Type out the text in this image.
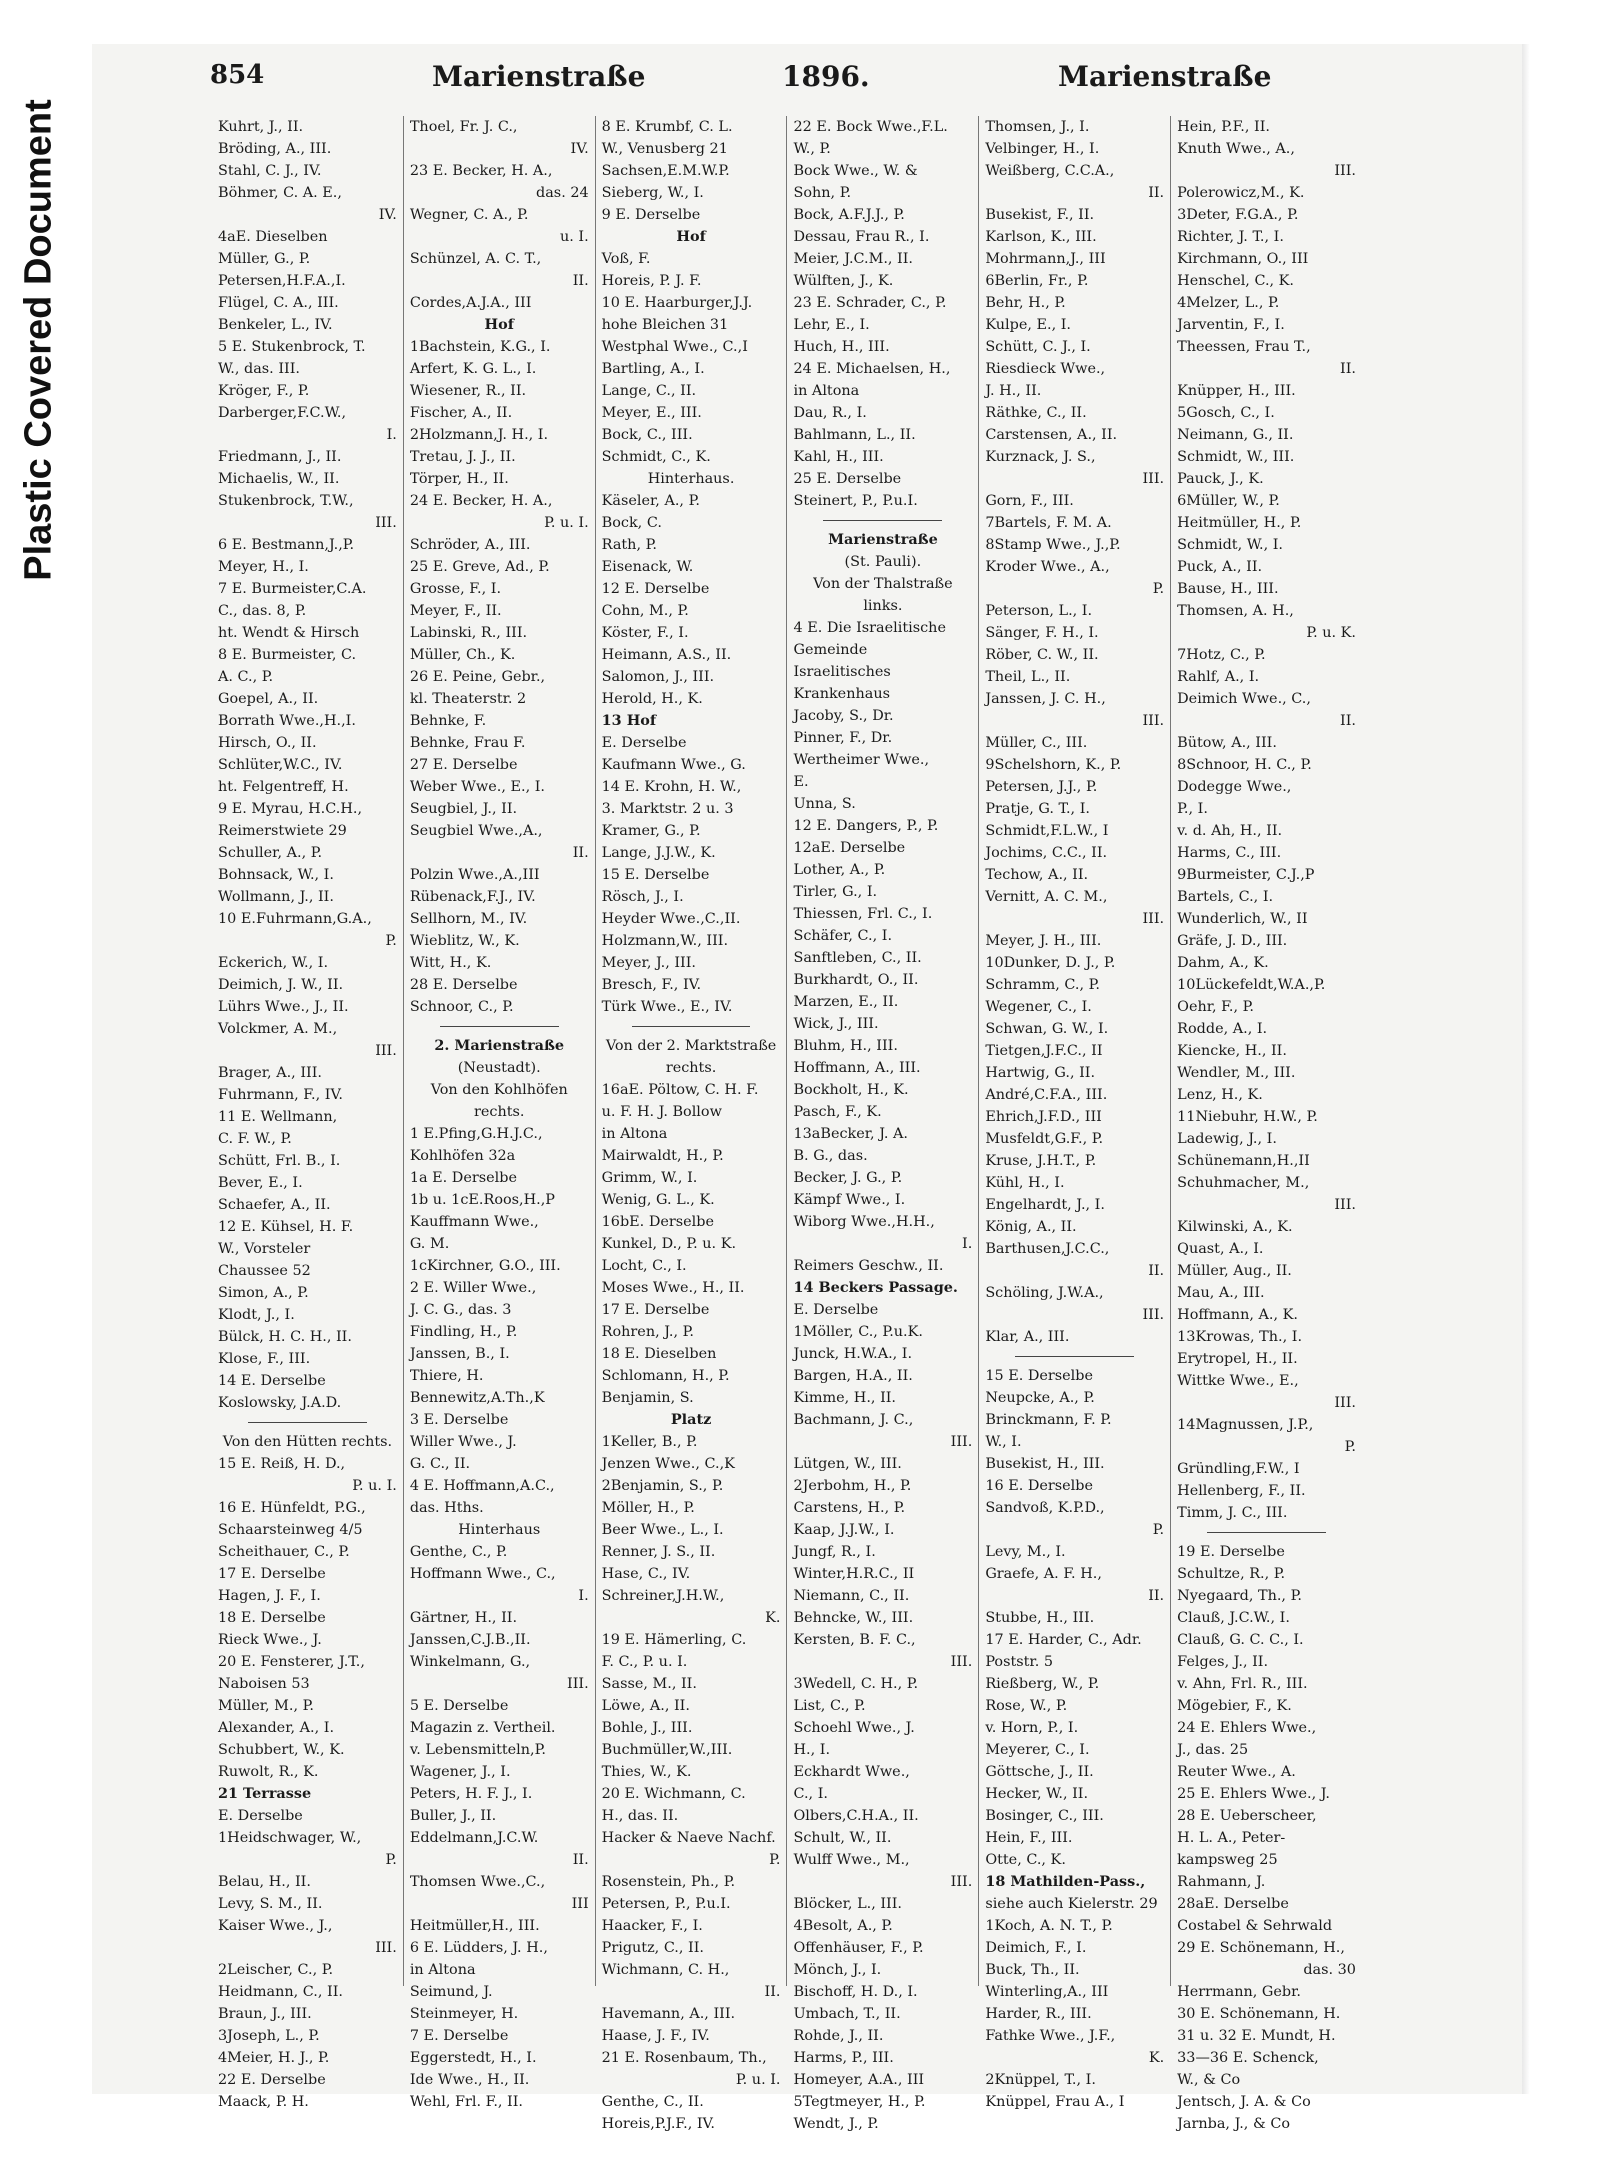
Plastic Covered Document
854	Marienstraße	1896.	Marienstraße
Kuhrt, J., II.
Bröding, A., III.
Stahl, C. J., IV.
Böhmer, C. A. E.,
IV.
4aE. Dieselben
Müller, G., P.
Petersen,H.F.A.,I.
Flügel, C. A., III.
Benkeler, L., IV.
5 E. Stukenbrock, T.
W., das. III.
Kröger, F., P.
Darberger,F.C.W.,
I.
Friedmann, J., II.
Michaelis, W., II.
Stukenbrock, T.W.,
III.
6 E. Bestmann,J.,P.
Meyer, H., I.
7 E. Burmeister,C.A.
C., das. 8, P.
ht. Wendt & Hirsch
8 E. Burmeister, C.
A. C., P.
Goepel, A., II.
Borrath Wwe.,H.,I.
Hirsch, O., II.
Schlüter,W.C., IV.
ht. Felgentreff, H.
9 E. Myrau, H.C.H.,
Reimerstwiete 29
Schuller, A., P.
Bohnsack, W., I.
Wollmann, J., II.
10 E.Fuhrmann,G.A.,
P.
Eckerich, W., I.
Deimich, J. W., II.
Lührs Wwe., J., II.
Volckmer, A. M.,
III.
Brager, A., III.
Fuhrmann, F., IV.
11 E. Wellmann,
C. F. W., P.
Schütt, Frl. B., I.
Bever, E., I.
Schaefer, A., II.
12 E. Kühsel, H. F.
W., Vorsteler
Chaussee 52
Simon, A., P.
Klodt, J., I.
Bülck, H. C. H., II.
Klose, F., III.
14 E. Derselbe
Koslowsky, J.A.D.
Von den Hütten rechts.
15 E. Reiß, H. D.,
P. u. I.
16 E. Hünfeldt, P.G.,
Schaarsteinweg 4/5
Scheithauer, C., P.
17 E. Derselbe
Hagen, J. F., I.
18 E. Derselbe
Rieck Wwe., J.
20 E. Fensterer, J.T.,
Naboisen 53
Müller, M., P.
Alexander, A., I.
Schubbert, W., K.
Ruwolt, R., K.
21 Terrasse
E. Derselbe
1Heidschwager, W.,
P.
Belau, H., II.
Levy, S. M., II.
Kaiser Wwe., J.,
III.
2Leischer, C., P.
Heidmann, C., II.
Braun, J., III.
3Joseph, L., P.
4Meier, H. J., P.
22 E. Derselbe
Maack, P. H.
Thoel, Fr. J. C.,
IV.
23 E. Becker, H. A.,
das. 24
Wegner, C. A., P.
u. I.
Schünzel, A. C. T.,
II.
Cordes,A.J.A., III
Hof
1Bachstein, K.G., I.
Arfert, K. G. L., I.
Wiesener, R., II.
Fischer, A., II.
2Holzmann,J. H., I.
Tretau, J. J., II.
Törper, H., II.
24 E. Becker, H. A.,
P. u. I.
Schröder, A., III.
25 E. Greve, Ad., P.
Grosse, F., I.
Meyer, F., II.
Labinski, R., III.
Müller, Ch., K.
26 E. Peine, Gebr.,
kl. Theaterstr. 2
Behnke, F.
Behnke, Frau F.
27 E. Derselbe
Weber Wwe., E., I.
Seugbiel, J., II.
Seugbiel Wwe.,A.,
II.
Polzin Wwe.,A.,III
Rübenack,F.J., IV.
Sellhorn, M., IV.
Wieblitz, W., K.
Witt, H., K.
28 E. Derselbe
Schnoor, C., P.
2. Marienstraße
(Neustadt).
Von den Kohlhöfen
rechts.
1 E.Pfing,G.H.J.C.,
Kohlhöfen 32a
1a E. Derselbe
1b u. 1cE.Roos,H.,P
Kauffmann Wwe.,
G. M.
1cKirchner, G.O., III.
2 E. Willer Wwe.,
J. C. G., das. 3
Findling, H., P.
Janssen, B., I.
Thiere, H.
Bennewitz,A.Th.,K
3 E. Derselbe
Willer Wwe., J.
G. C., II.
4 E. Hoffmann,A.C.,
das. Hths.
Hinterhaus
Genthe, C., P.
Hoffmann Wwe., C.,
I.
Gärtner, H., II.
Janssen,C.J.B.,II.
Winkelmann, G.,
III.
5 E. Derselbe
Magazin z. Vertheil.
v. Lebensmitteln,P.
Wagener, J., I.
Peters, H. F. J., I.
Buller, J., II.
Eddelmann,J.C.W.
II.
Thomsen Wwe.,C.,
III
Heitmüller,H., III.
6 E. Lüdders, J. H.,
in Altona
Seimund, J.
Steinmeyer, H.
7 E. Derselbe
Eggerstedt, H., I.
Ide Wwe., H., II.
Wehl, Frl. F., II.
8 E. Krumbf, C. L.
W., Venusberg 21
Sachsen,E.M.W.P.
Sieberg, W., I.
9 E. Derselbe
Hof
Voß, F.
Horeis, P. J. F.
10 E. Haarburger,J.J.
hohe Bleichen 31
Westphal Wwe., C.,I
Bartling, A., I.
Lange, C., II.
Meyer, E., III.
Bock, C., III.
Schmidt, C., K.
Hinterhaus.
Käseler, A., P.
Bock, C.
Rath, P.
Eisenack, W.
12 E. Derselbe
Cohn, M., P.
Köster, F., I.
Heimann, A.S., II.
Salomon, J., III.
Herold, H., K.
13 Hof
E. Derselbe
Kaufmann Wwe., G.
14 E. Krohn, H. W.,
3. Marktstr. 2 u. 3
Kramer, G., P.
Lange, J.J.W., K.
15 E. Derselbe
Rösch, J., I.
Heyder Wwe.,C.,II.
Holzmann,W., III.
Meyer, J., III.
Bresch, F., IV.
Türk Wwe., E., IV.
Von der 2. Marktstraße
rechts.
16aE. Pöltow, C. H. F.
u. F. H. J. Bollow
in Altona
Mairwaldt, H., P.
Grimm, W., I.
Wenig, G. L., K.
16bE. Derselbe
Kunkel, D., P. u. K.
Locht, C., I.
Moses Wwe., H., II.
17 E. Derselbe
Rohren, J., P.
18 E. Dieselben
Schlomann, H., P.
Benjamin, S.
Platz
1Keller, B., P.
Jenzen Wwe., C.,K
2Benjamin, S., P.
Möller, H., P.
Beer Wwe., L., I.
Renner, J. S., II.
Hase, C., IV.
Schreiner,J.H.W.,
K.
19 E. Hämerling, C.
F. C., P. u. I.
Sasse, M., II.
Löwe, A., II.
Bohle, J., III.
Buchmüller,W.,III.
Thies, W., K.
20 E. Wichmann, C.
H., das. II.
Hacker & Naeve Nachf.
P.
Rosenstein, Ph., P.
Petersen, P., P.u.I.
Haacker, F., I.
Prigutz, C., II.
Wichmann, C. H.,
II.
Havemann, A., III.
Haase, J. F., IV.
21 E. Rosenbaum, Th.,
P. u. I.
Genthe, C., II.
Horeis,P.J.F., IV.
22 E. Bock Wwe.,F.L.
W., P.
Bock Wwe., W. &
Sohn, P.
Bock, A.F.J.J., P.
Dessau, Frau R., I.
Meier, J.C.M., II.
Wülften, J., K.
23 E. Schrader, C., P.
Lehr, E., I.
Huch, H., III.
24 E. Michaelsen, H.,
in Altona
Dau, R., I.
Bahlmann, L., II.
Kahl, H., III.
25 E. Derselbe
Steinert, P., P.u.I.
Marienstraße
(St. Pauli).
Von der Thalstraße
links.
4 E. Die Israelitische
Gemeinde
Israelitisches
Krankenhaus
Jacoby, S., Dr.
Pinner, F., Dr.
Wertheimer Wwe.,
E.
Unna, S.
12 E. Dangers, P., P.
12aE. Derselbe
Lother, A., P.
Tirler, G., I.
Thiessen, Frl. C., I.
Schäfer, C., I.
Sanftleben, C., II.
Burkhardt, O., II.
Marzen, E., II.
Wick, J., III.
Bluhm, H., III.
Hoffmann, A., III.
Bockholt, H., K.
Pasch, F., K.
13aBecker, J. A.
B. G., das.
Becker, J. G., P.
Kämpf Wwe., I.
Wiborg Wwe.,H.H.,
I.
Reimers Geschw., II.
14 Beckers Passage.
E. Derselbe
1Möller, C., P.u.K.
Junck, H.W.A., I.
Bargen, H.A., II.
Kimme, H., II.
Bachmann, J. C.,
III.
Lütgen, W., III.
2Jerbohm, H., P.
Carstens, H., P.
Kaap, J.J.W., I.
Jungf, R., I.
Winter,H.R.C., II
Niemann, C., II.
Behncke, W., III.
Kersten, B. F. C.,
III.
3Wedell, C. H., P.
List, C., P.
Schoehl Wwe., J.
H., I.
Eckhardt Wwe.,
C., I.
Olbers,C.H.A., II.
Schult, W., II.
Wulff Wwe., M.,
III.
Blöcker, L., III.
4Besolt, A., P.
Offenhäuser, F., P.
Mönch, J., I.
Bischoff, H. D., I.
Umbach, T., II.
Rohde, J., II.
Harms, P., III.
Homeyer, A.A., III
5Tegtmeyer, H., P.
Wendt, J., P.
Thomsen, J., I.
Velbinger, H., I.
Weißberg, C.C.A.,
II.
Busekist, F., II.
Karlson, K., III.
Mohrmann,J., III
6Berlin, Fr., P.
Behr, H., P.
Kulpe, E., I.
Schütt, C. J., I.
Riesdieck Wwe.,
J. H., II.
Räthke, C., II.
Carstensen, A., II.
Kurznack, J. S.,
III.
Gorn, F., III.
7Bartels, F. M. A.
8Stamp Wwe., J.,P.
Kroder Wwe., A.,
P.
Peterson, L., I.
Sänger, F. H., I.
Röber, C. W., II.
Theil, L., II.
Janssen, J. C. H.,
III.
Müller, C., III.
9Schelshorn, K., P.
Petersen, J.J., P.
Pratje, G. T., I.
Schmidt,F.L.W., I
Jochims, C.C., II.
Techow, A., II.
Vernitt, A. C. M.,
III.
Meyer, J. H., III.
10Dunker, D. J., P.
Schramm, C., P.
Wegener, C., I.
Schwan, G. W., I.
Tietgen,J.F.C., II
Hartwig, G., II.
André,C.F.A., III.
Ehrich,J.F.D., III
Musfeldt,G.F., P.
Kruse, J.H.T., P.
Kühl, H., I.
Engelhardt, J., I.
König, A., II.
Barthusen,J.C.C.,
II.
Schöling, J.W.A.,
III.
Klar, A., III.
15 E. Derselbe
Neupcke, A., P.
Brinckmann, F. P.
W., I.
Busekist, H., III.
16 E. Derselbe
Sandvoß, K.P.D.,
P.
Levy, M., I.
Graefe, A. F. H.,
II.
Stubbe, H., III.
17 E. Harder, C., Adr.
Poststr. 5
Rießberg, W., P.
Rose, W., P.
v. Horn, P., I.
Meyerer, C., I.
Göttsche, J., II.
Hecker, W., II.
Bosinger, C., III.
Hein, F., III.
Otte, C., K.
18 Mathilden-Pass.,
siehe auch Kielerstr. 29
1Koch, A. N. T., P.
Deimich, F., I.
Buck, Th., II.
Winterling,A., III
Harder, R., III.
Fathke Wwe., J.F.,
K.
2Knüppel, T., I.
Knüppel, Frau A., I
Hein, P.F., II.
Knuth Wwe., A.,
III.
Polerowicz,M., K.
3Deter, F.G.A., P.
Richter, J. T., I.
Kirchmann, O., III
Henschel, C., K.
4Melzer, L., P.
Jarventin, F., I.
Theessen, Frau T.,
II.
Knüpper, H., III.
5Gosch, C., I.
Neimann, G., II.
Schmidt, W., III.
Pauck, J., K.
6Müller, W., P.
Heitmüller, H., P.
Schmidt, W., I.
Puck, A., II.
Bause, H., III.
Thomsen, A. H.,
P. u. K.
7Hotz, C., P.
Rahlf, A., I.
Deimich Wwe., C.,
II.
Bütow, A., III.
8Schnoor, H. C., P.
Dodegge Wwe.,
P., I.
v. d. Ah, H., II.
Harms, C., III.
9Burmeister, C.J.,P
Bartels, C., I.
Wunderlich, W., II
Gräfe, J. D., III.
Dahm, A., K.
10Lückefeldt,W.A.,P.
Oehr, F., P.
Rodde, A., I.
Kiencke, H., II.
Wendler, M., III.
Lenz, H., K.
11Niebuhr, H.W., P.
Ladewig, J., I.
Schünemann,H.,II
Schuhmacher, M.,
III.
Kilwinski, A., K.
Quast, A., I.
Müller, Aug., II.
Mau, A., III.
Hoffmann, A., K.
13Krowas, Th., I.
Erytropel, H., II.
Wittke Wwe., E.,
III.
14Magnussen, J.P.,
P.
Gründling,F.W., I
Hellenberg, F., II.
Timm, J. C., III.
19 E. Derselbe
Schultze, R., P.
Nyegaard, Th., P.
Clauß, J.C.W., I.
Clauß, G. C. C., I.
Felges, J., II.
v. Ahn, Frl. R., III.
Mögebier, F., K.
24 E. Ehlers Wwe.,
J., das. 25
Reuter Wwe., A.
25 E. Ehlers Wwe., J.
28 E. Ueberscheer,
H. L. A., Peter-
kampsweg 25
Rahmann, J.
28aE. Derselbe
Costabel & Sehrwald
29 E. Schönemann, H.,
das. 30
Herrmann, Gebr.
30 E. Schönemann, H.
31 u. 32 E. Mundt, H.
33—36 E. Schenck,
W., & Co
Jentsch, J. A. & Co
Jarnba, J., & Co
